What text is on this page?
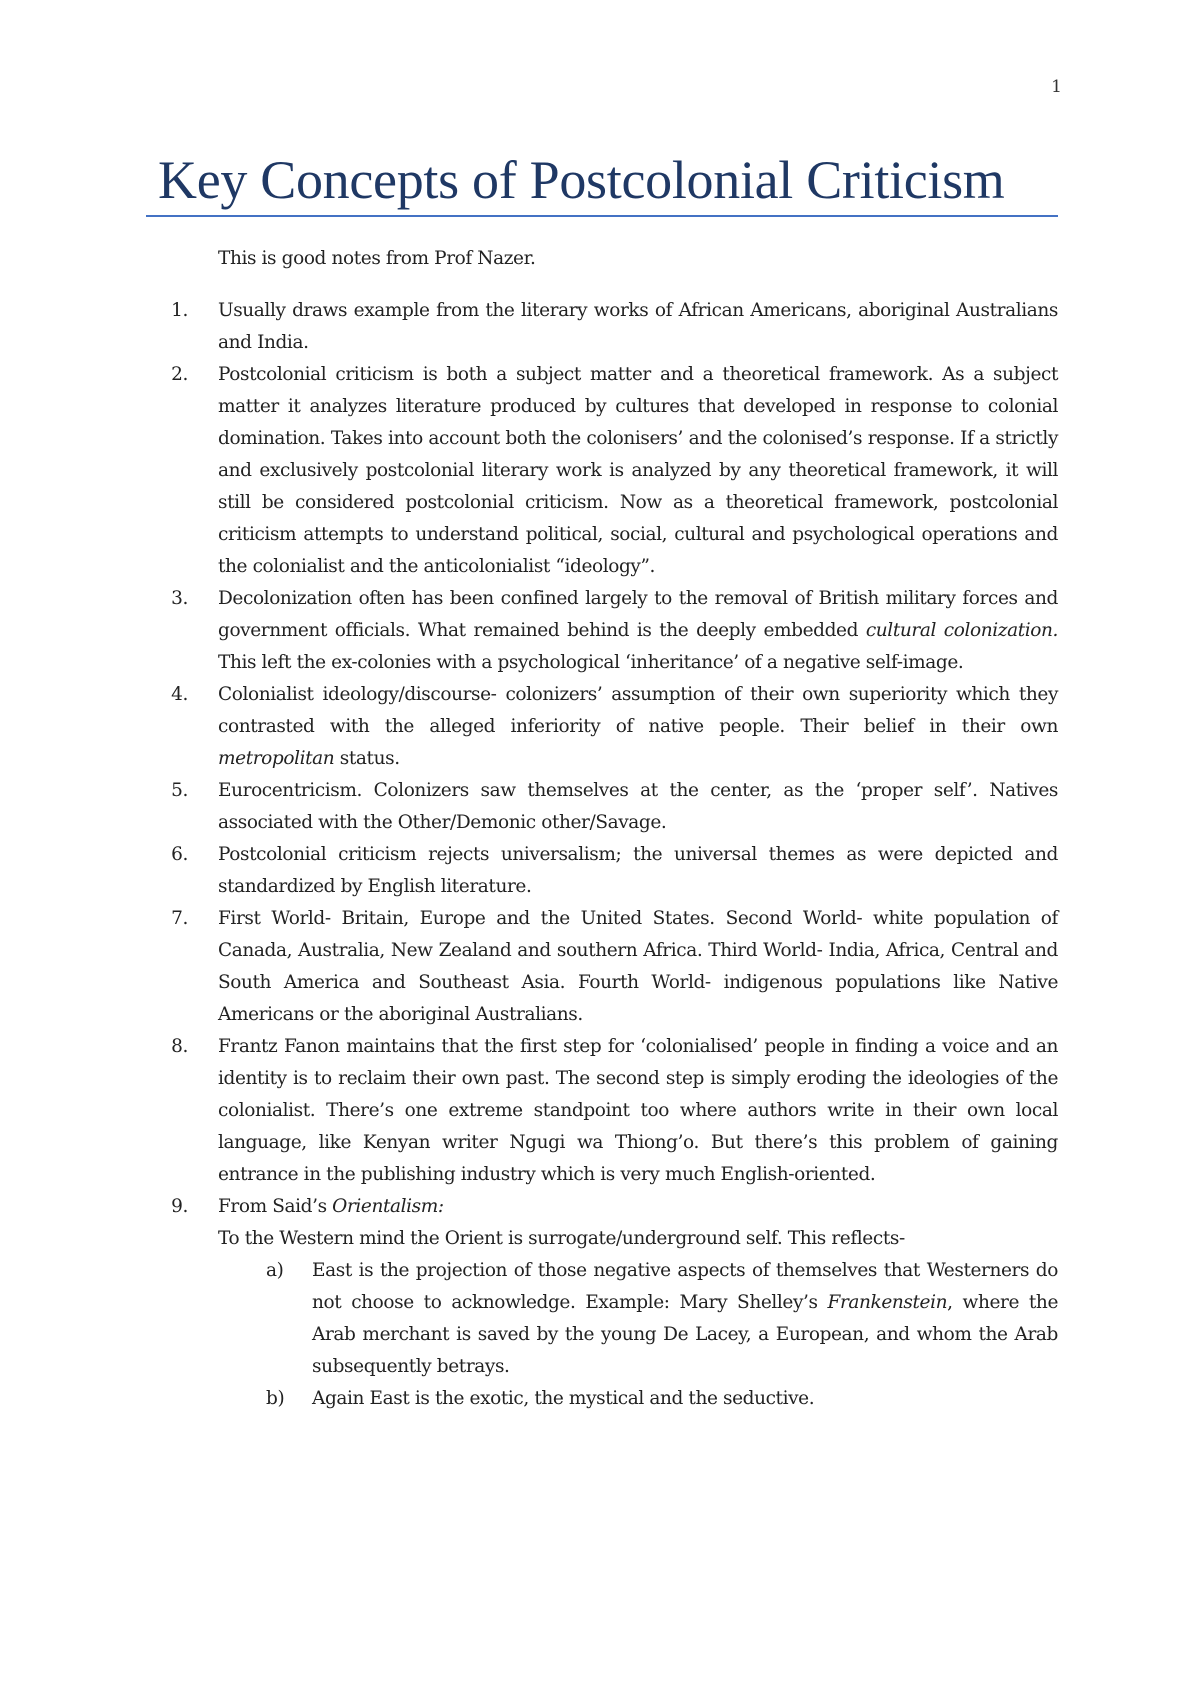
1
Key Concepts of Postcolonial Criticism

This is good notes from Prof Nazer.

1.	Usually draws example from the literary works of African Americans, aboriginal Australians and India.
2.	Postcolonial criticism is both a subject matter and a theoretical framework. As a subject matter it analyzes literature produced by cultures that developed in response to colonial domination. Takes into account both the colonisers’ and the colonised’s response. If a strictly and exclusively postcolonial literary work is analyzed by any theoretical framework, it will still be considered postcolonial criticism. Now as a theoretical framework, postcolonial criticism attempts to understand political, social, cultural and psychological operations and the colonialist and the anticolonialist “ideology”.
3.	Decolonization often has been confined largely to the removal of British military forces and government officials. What remained behind is the deeply embedded cultural colonization. This left the ex-colonies with a psychological ‘inheritance’ of a negative self-image.
4.	Colonialist ideology/discourse- colonizers’ assumption of their own superiority which they contrasted with the alleged inferiority of native people. Their belief in their own metropolitan status.
5.	Eurocentricism. Colonizers saw themselves at the center, as the ‘proper self’. Natives associated with the Other/Demonic other/Savage.
6.	Postcolonial criticism rejects universalism; the universal themes as were depicted and standardized by English literature.
7.	First World- Britain, Europe and the United States. Second World- white population of Canada, Australia, New Zealand and southern Africa. Third World- India, Africa, Central and South America and Southeast Asia. Fourth World- indigenous populations like Native Americans or the aboriginal Australians.
8.	Frantz Fanon maintains that the first step for ‘colonialised’ people in finding a voice and an identity is to reclaim their own past. The second step is simply eroding the ideologies of the colonialist. There’s one extreme standpoint too where authors write in their own local language, like Kenyan writer Ngugi wa Thiong’o. But there’s this problem of gaining entrance in the publishing industry which is very much English-oriented.
9.	From Said’s Orientalism:
To the Western mind the Orient is surrogate/underground self. This reflects-
a)	East is the projection of those negative aspects of themselves that Westerners do not choose to acknowledge. Example: Mary Shelley’s Frankenstein, where the Arab merchant is saved by the young De Lacey, a European, and whom the Arab subsequently betrays.
b)	Again East is the exotic, the mystical and the seductive.
